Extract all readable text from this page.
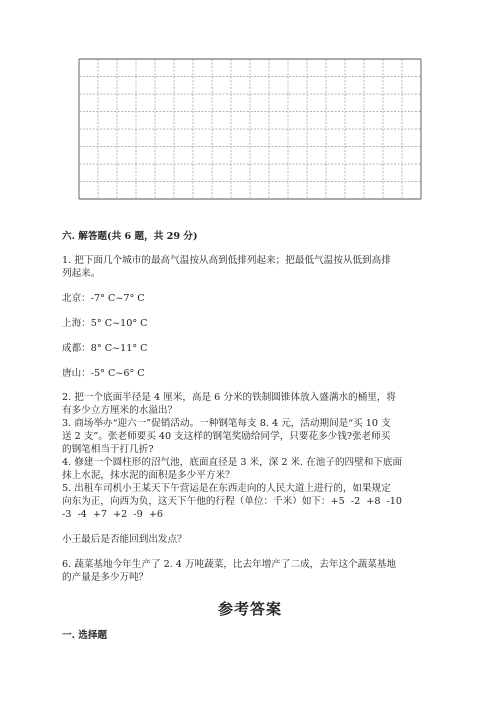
六. 解答题(共 6 题，共 29 分)
1. 把下面几个城市的最高气温按从高到低排列起来；把最低气温按从低到高排
列起来。
北京：-7° C~7° C
上海：5° C~10° C
成都：8° C~11° C
唐山：-5° C~6° C
2. 把一个底面半径是 4 厘米，高是 6 分米的铁制圆锥体放入盛满水的桶里，将
有多少立方厘米的水溢出？
3. 商场举办“迎六一”促销活动。一种钢笔每支 8. 4 元，活动期间是“买 10 支
送 2 支”。张老师要买 40 支这样的钢笔奖励给同学，只要花多少钱?张老师买
的钢笔相当于打几折?
4. 修建一个圆柱形的沼气池，底面直径是 3 米，深 2 米. 在池子的四壁和下底面
抹上水泥，抹水泥的面积是多少平方米？
5. 出租车司机小王某天下午营运是在东西走向的人民大道上进行的，如果规定
向东为正，向西为负，这天下午他的行程（单位：千米）如下：+5  -2  +8  -10
-3  -4  +7  +2  -9  +6
小王最后是否能回到出发点？
6. 蔬菜基地今年生产了 2. 4 万吨蔬菜，比去年增产了二成，去年这个蔬菜基地
的产量是多少万吨？
参考答案
一. 选择题
